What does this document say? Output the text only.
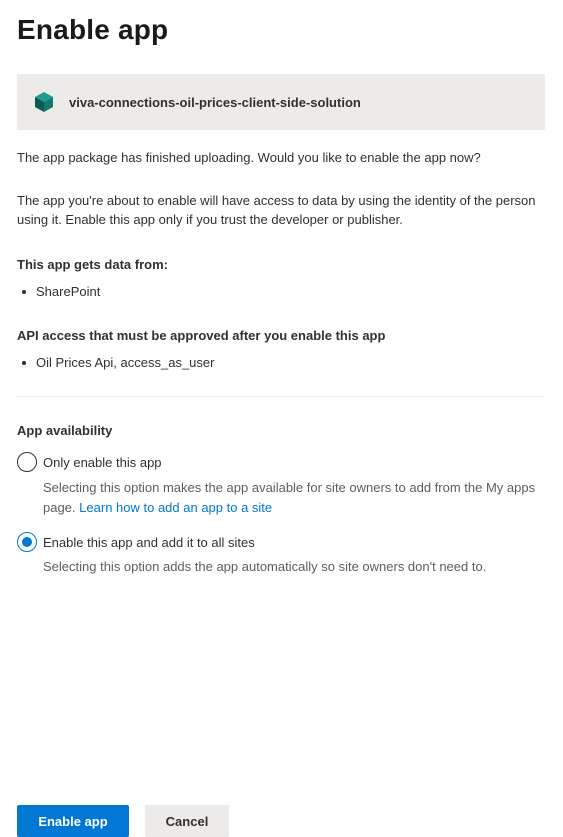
Enable app
viva-connections-oil-prices-client-side-solution

The app package has finished uploading. Would you like to enable the app now?

The app you're about to enable will have access to data by using the identity of the person using it. Enable this app only if you trust the developer or publisher.

This app gets data from:

SharePoint

API access that must be approved after you enable this app

Oil Prices Api, access_as_user

App availability

Only enable this app

Selecting this option makes the app available for site owners to add from the My apps page. Learn how to add an app to a site

Enable this app and add it to all sites

Selecting this option adds the app automatically so site owners don't need to.

Enable app	Cancel
